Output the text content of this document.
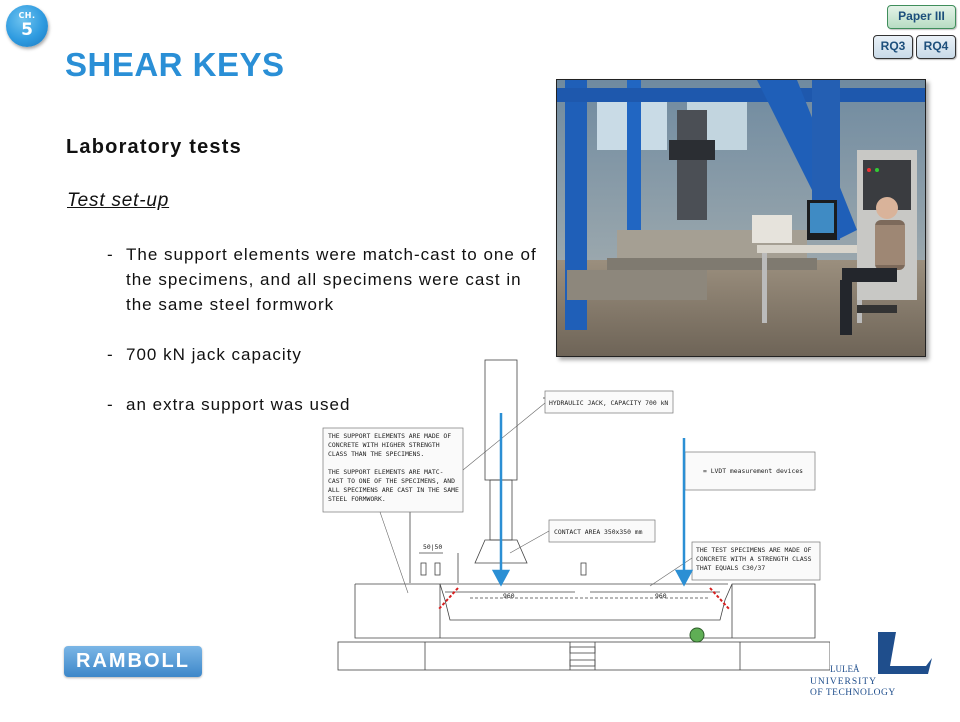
CH.
5
Paper III
RQ3	RQ4
SHEAR KEYS
Laboratory tests
Test set-up
- The support elements were match-cast to one of the specimens, and all specimens were cast in the same steel formwork
- 700 kN jack capacity
- an extra support was used
THE SUPPORT ELEMENTS ARE MADE OF
CONCRETE WITH HIGHER STRENGTH
CLASS THAN THE SPECIMENS.
THE SUPPORT ELEMENTS ARE MATC-
CAST TO ONE OF THE SPECIMENS, AND
ALL SPECIMENS ARE CAST IN THE SAME
STEEL FORMWORK.
HYDRAULIC JACK, CAPACITY 700 kN
= LVDT measurement devices
CONTACT AREA 350x350 mm
THE TEST SPECIMENS ARE MADE OF
CONCRETE WITH A STRENGTH CLASS
THAT EQUALS C30/37
50|50
960	960
RAMBOLL	LULEÅ
UNIVERSITY
OF TECHNOLOGY
